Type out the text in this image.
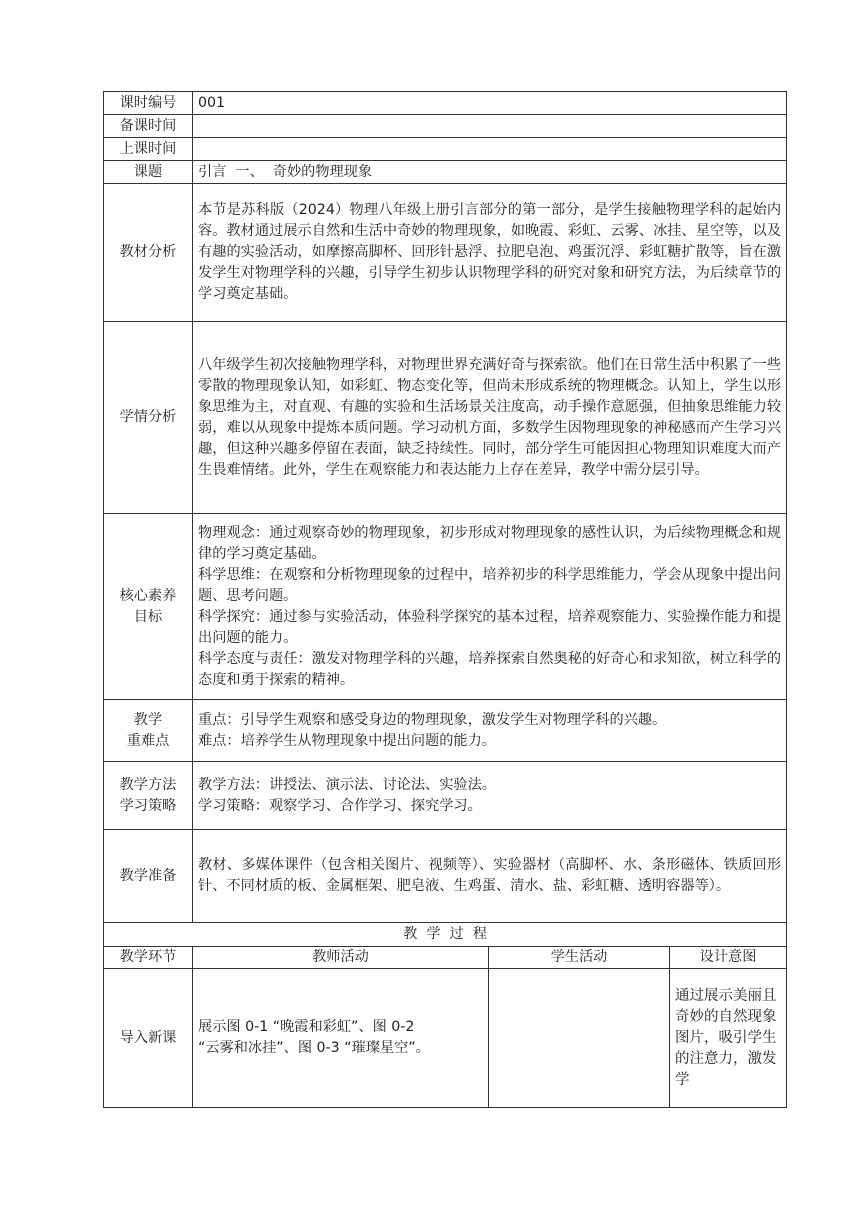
课时编号	001		
备课时间			
上课时间			
课题	引言  一、  奇妙的物理现象		
教材分析	本节是苏科版（2024）物理八年级上册引言部分的第一部分，是学生接触物理学科的起始内容。教材通过展示自然和生活中奇妙的物理现象，如晚霞、彩虹、云雾、冰挂、星空等，以及有趣的实验活动，如摩擦高脚杯、回形针悬浮、拉肥皂泡、鸡蛋沉浮、彩虹糖扩散等，旨在激发学生对物理学科的兴趣，引导学生初步认识物理学科的研究对象和研究方法，为后续章节的学习奠定基础。		
学情分析	八年级学生初次接触物理学科，对物理世界充满好奇与探索欲。他们在日常生活中积累了一些零散的物理现象认知，如彩虹、物态变化等，但尚未形成系统的物理概念。认知上，学生以形象思维为主，对直观、有趣的实验和生活场景关注度高，动手操作意愿强，但抽象思维能力较弱，难以从现象中提炼本质问题。学习动机方面，多数学生因物理现象的神秘感而产生学习兴趣，但这种兴趣多停留在表面，缺乏持续性。同时，部分学生可能因担心物理知识难度大而产生畏难情绪。此外，学生在观察能力和表达能力上存在差异，教学中需分层引导。		

核心素养
目标	物理观念：通过观察奇妙的物理现象，初步形成对物理现象的感性认识，为后续物理概念和规律的学习奠定基础。
科学思维：在观察和分析物理现象的过程中，培养初步的科学思维能力，学会从现象中提出问题、思考问题。
科学探究：通过参与实验活动，体验科学探究的基本过程，培养观察能力、实验操作能力和提出问题的能力。
科学态度与责任：激发对物理学科的兴趣，培养探索自然奥秘的好奇心和求知欲，树立科学的态度和勇于探索的精神。		

教学
重难点	重点：引导学生观察和感受身边的物理现象，激发学生对物理学科的兴趣。
难点：培养学生从物理现象中提出问题的能力。		

教学方法
学习策略	教学方法：讲授法、演示法、讨论法、实验法。
学习策略：观察学习、合作学习、探究学习。		

教学准备	教材、多媒体课件（包含相关图片、视频等）、实验器材（高脚杯、水、条形磁体、铁质回形针、不同材质的板、金属框架、肥皂液、生鸡蛋、清水、盐、彩虹糖、透明容器等）。		
教  学  过  程			
教学环节	教师活动	学生活动	设计意图
导入新课	展示图 0-1 “晚霞和彩虹”、图 0-2
“云雾和冰挂”、图 0-3 “璀璨星空”。		通过展示美丽且奇妙的自然现象图片，吸引学生的注意力，激发学
